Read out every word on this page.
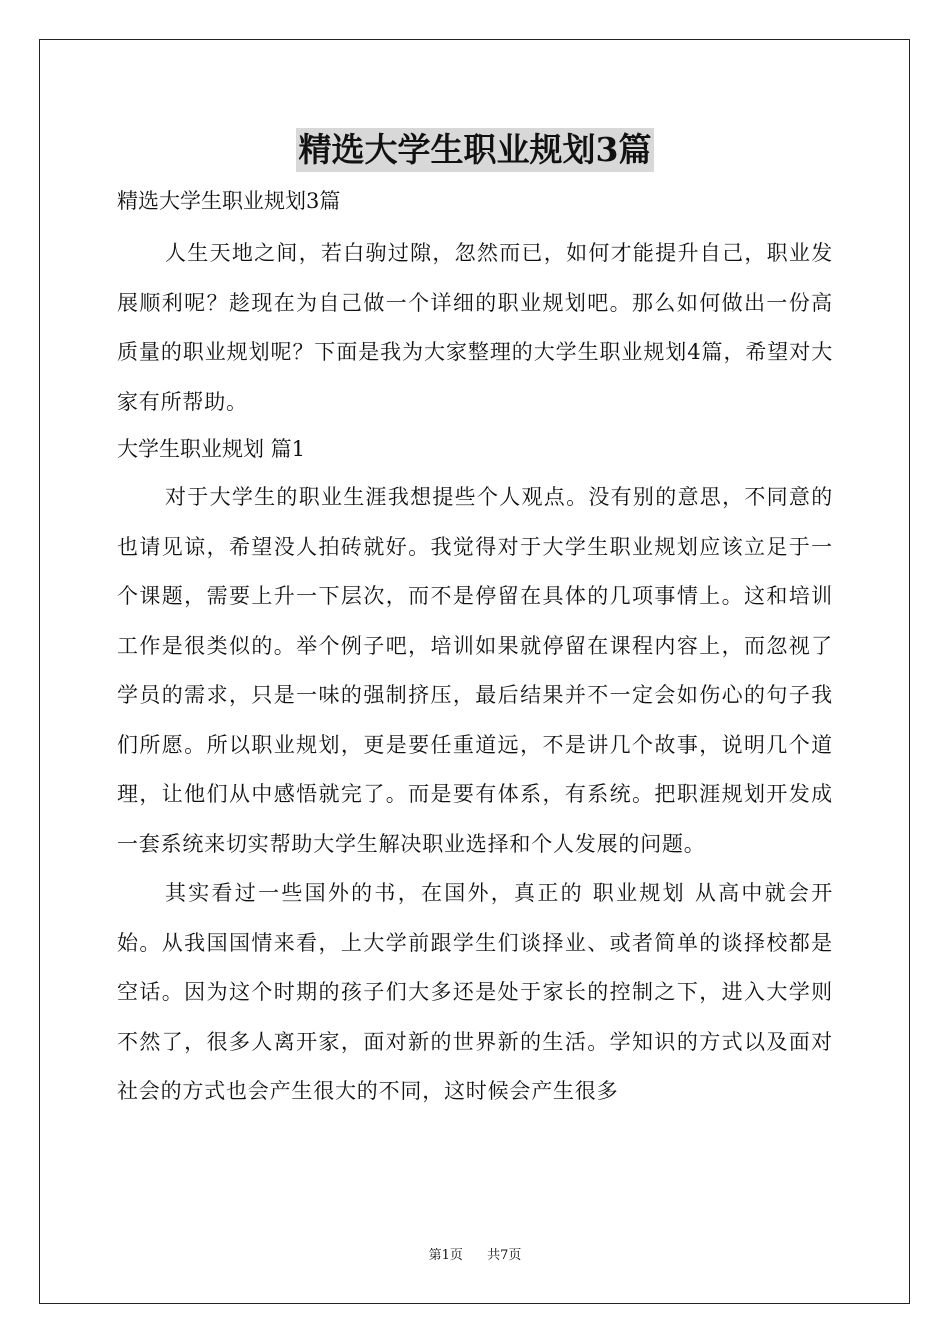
精选大学生职业规划3篇
精选大学生职业规划3篇

人生天地之间，若白驹过隙，忽然而已，如何才能提升自己，职业发展顺利呢？趁现在为自己做一个详细的职业规划吧。那么如何做出一份高质量的职业规划呢？下面是我为大家整理的大学生职业规划4篇，希望对大家有所帮助。

大学生职业规划 篇1

对于大学生的职业生涯我想提些个人观点。没有别的意思，不同意的也请见谅，希望没人拍砖就好。我觉得对于大学生职业规划应该立足于一个课题，需要上升一下层次，而不是停留在具体的几项事情上。这和培训工作是很类似的。举个例子吧，培训如果就停留在课程内容上，而忽视了学员的需求，只是一味的强制挤压，最后结果并不一定会如伤心的句子我们所愿。所以职业规划，更是要任重道远，不是讲几个故事，说明几个道理，让他们从中感悟就完了。而是要有体系，有系统。把职涯规划开发成一套系统来切实帮助大学生解决职业选择和个人发展的问题。

其实看过一些国外的书，在国外，真正的 职业规划 从高中就会开始。从我国国情来看，上大学前跟学生们谈择业、或者简单的谈择校都是空话。因为这个时期的孩子们大多还是处于家长的控制之下，进入大学则不然了，很多人离开家，面对新的世界新的生活。学知识的方式以及面对社会的方式也会产生很大的不同，这时候会产生很多

第1页 共7页
